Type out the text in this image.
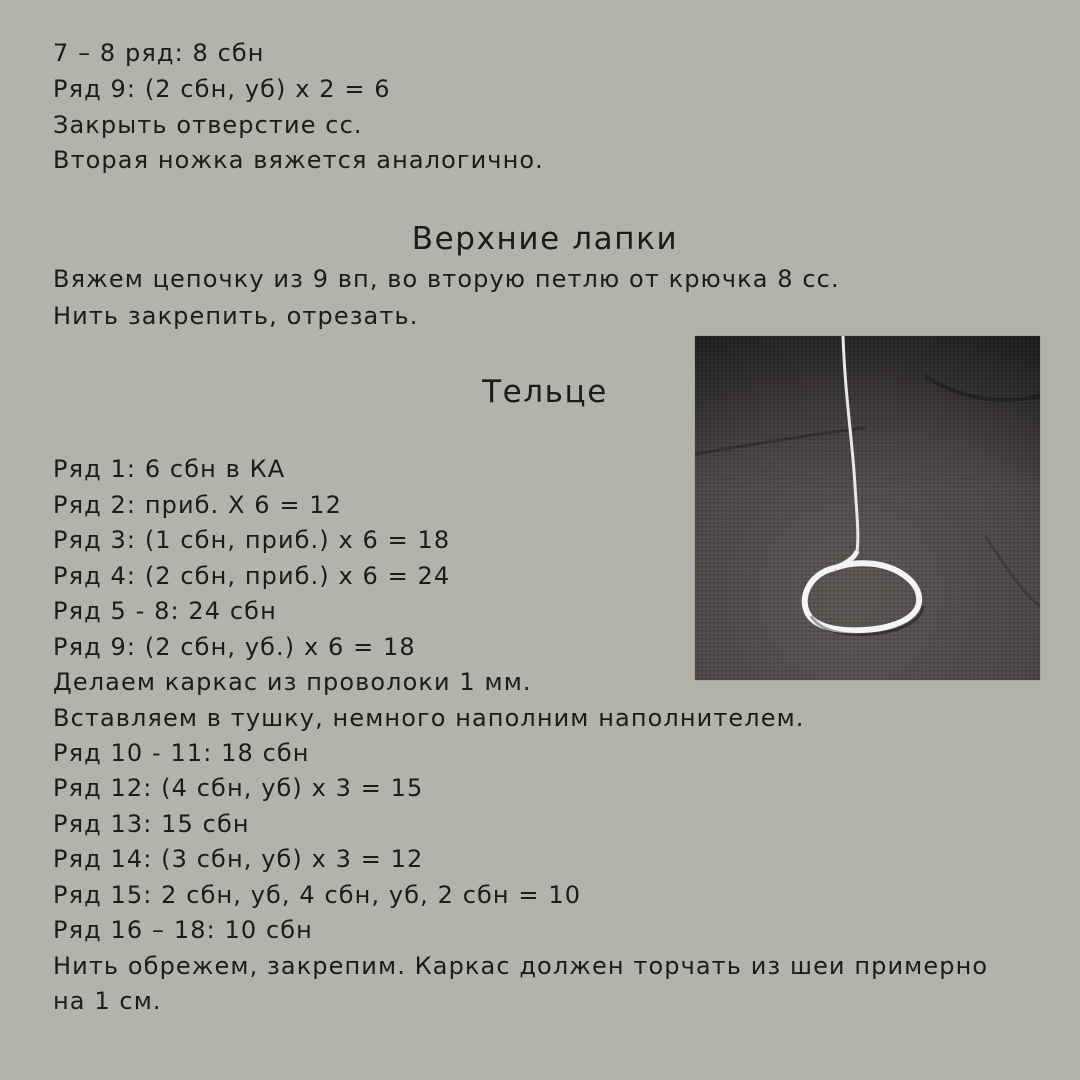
7 – 8 ряд: 8 сбн
Ряд 9: (2 сбн, уб) х 2 = 6
Закрыть отверстие сс.
Вторая ножка вяжется аналогично.
Верхние лапки
Вяжем цепочку из 9 вп, во вторую петлю от крючка 8 сс.
Нить закрепить, отрезать.
Тельце
Ряд 1: 6 сбн в КА
Ряд 2: приб. Х 6 = 12
Ряд 3: (1 сбн, приб.) х 6 = 18
Ряд 4: (2 сбн, приб.) х 6 = 24
Ряд 5 - 8: 24 сбн
Ряд 9: (2 сбн, уб.) х 6 = 18
Делаем каркас из проволоки 1 мм.
Вставляем в тушку, немного наполним наполнителем.
Ряд 10 - 11: 18 сбн
Ряд 12: (4 сбн, уб) х 3 = 15
Ряд 13: 15 сбн
Ряд 14: (3 сбн, уб) х 3 = 12
Ряд 15: 2 сбн, уб, 4 сбн, уб, 2 сбн = 10
Ряд 16 – 18: 10 сбн
Нить обрежем, закрепим. Каркас должен торчать из шеи примерно
на 1 см.
